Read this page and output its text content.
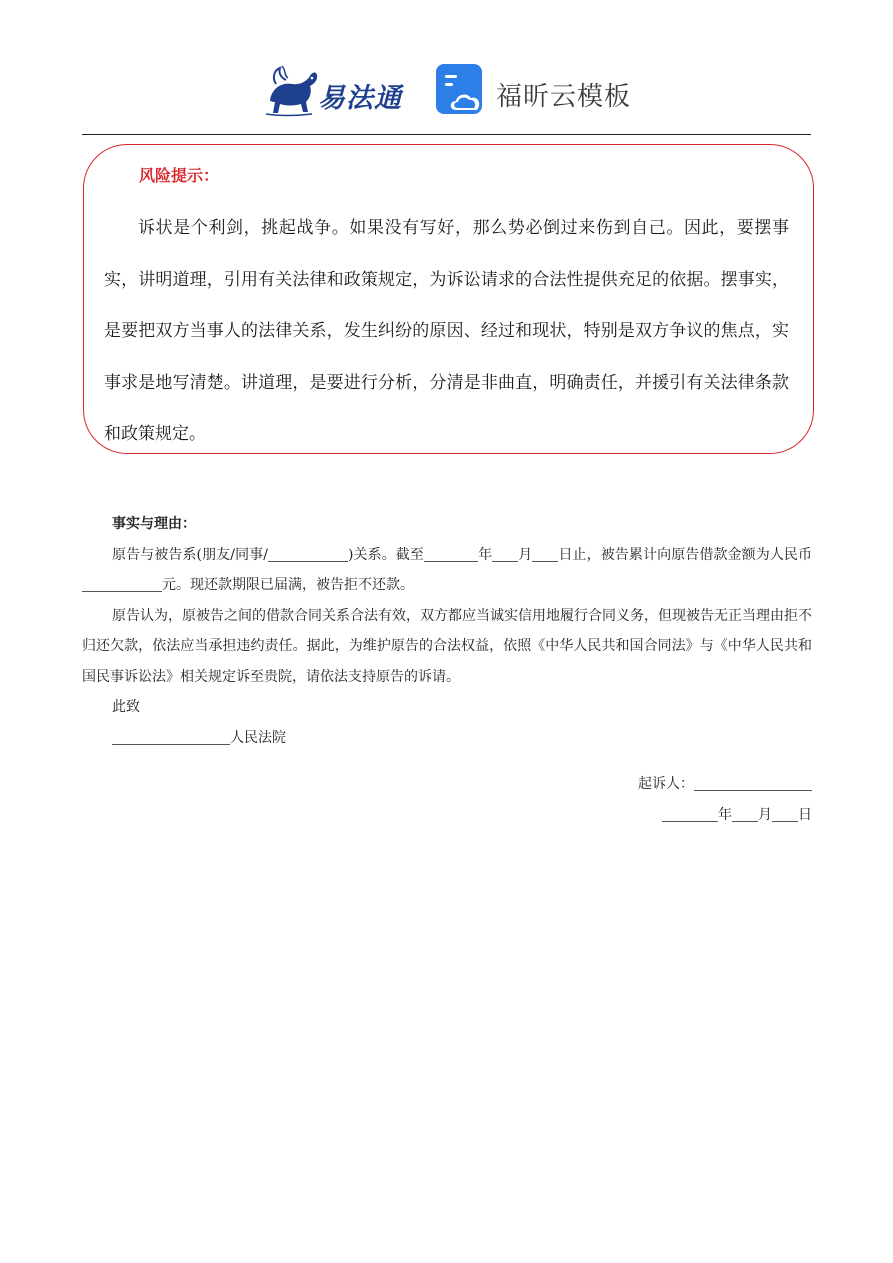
易法通	福昕云模板
风险提示：
诉状是个利剑，挑起战争。如果没有写好，那么势必倒过来伤到自己。因此，要摆事实，讲明道理，引用有关法律和政策规定，为诉讼请求的合法性提供充足的依据。摆事实，是要把双方当事人的法律关系，发生纠纷的原因、经过和现状，特别是双方争议的焦点，实事求是地写清楚。讲道理，是要进行分析，分清是非曲直，明确责任，并援引有关法律条款和政策规定。

事实与理由：

原告与被告系(朋友/同事/	)关系。截至	年 月 日止，被告累计向原告借款金额为人民币元。现还款期限已届满，被告拒不还款。

原告认为，原被告之间的借款合同关系合法有效，双方都应当诚实信用地履行合同义务，但现被告无正当理由拒不归还欠款，依法应当承担违约责任。据此，为维护原告的合法权益，依照《中华人民共和国合同法》与《中华人民共和国民事诉讼法》相关规定诉至贵院，请依法支持原告的诉请。

此致

人民法院

起诉人：
年 月 日
